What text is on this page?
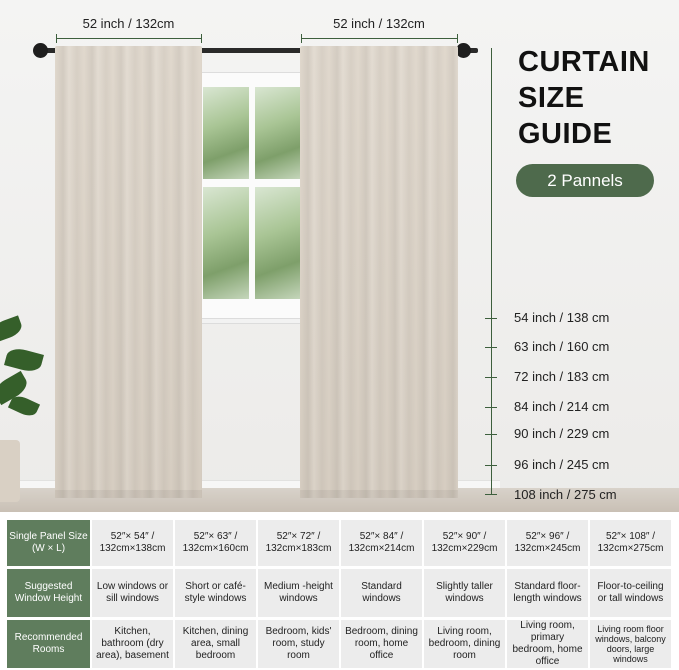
52 inch / 132cm	52 inch / 132cm
CURTAIN
SIZE
GUIDE
2 Pannels
54 inch / 138 cm
63 inch / 160 cm
72 inch / 183 cm
84 inch / 214 cm
90 inch / 229 cm
96 inch / 245 cm
108 inch / 275 cm
Single Panel Size (W × L)
52″× 54″ / 132cm×138cm
52″× 63″ / 132cm×160cm
52″× 72″ / 132cm×183cm
52″× 84″ / 132cm×214cm
52″× 90″ / 132cm×229cm
52″× 96″ / 132cm×245cm
52″× 108″ / 132cm×275cm
Suggested Window Height
Low windows or sill windows
Short or café-style windows
Medium -height windows
Standard windows
Slightly taller windows
Standard floor-length windows
Floor-to-ceiling or tall windows
Recommended Rooms
Kitchen, bathroom (dry area), basement
Kitchen, dining area, small bedroom
Bedroom, kids' room, study room
Bedroom, dining room, home office
Living room, bedroom, dining room
Living room, primary bedroom, home office
Living room floor windows, balcony doors, large windows
